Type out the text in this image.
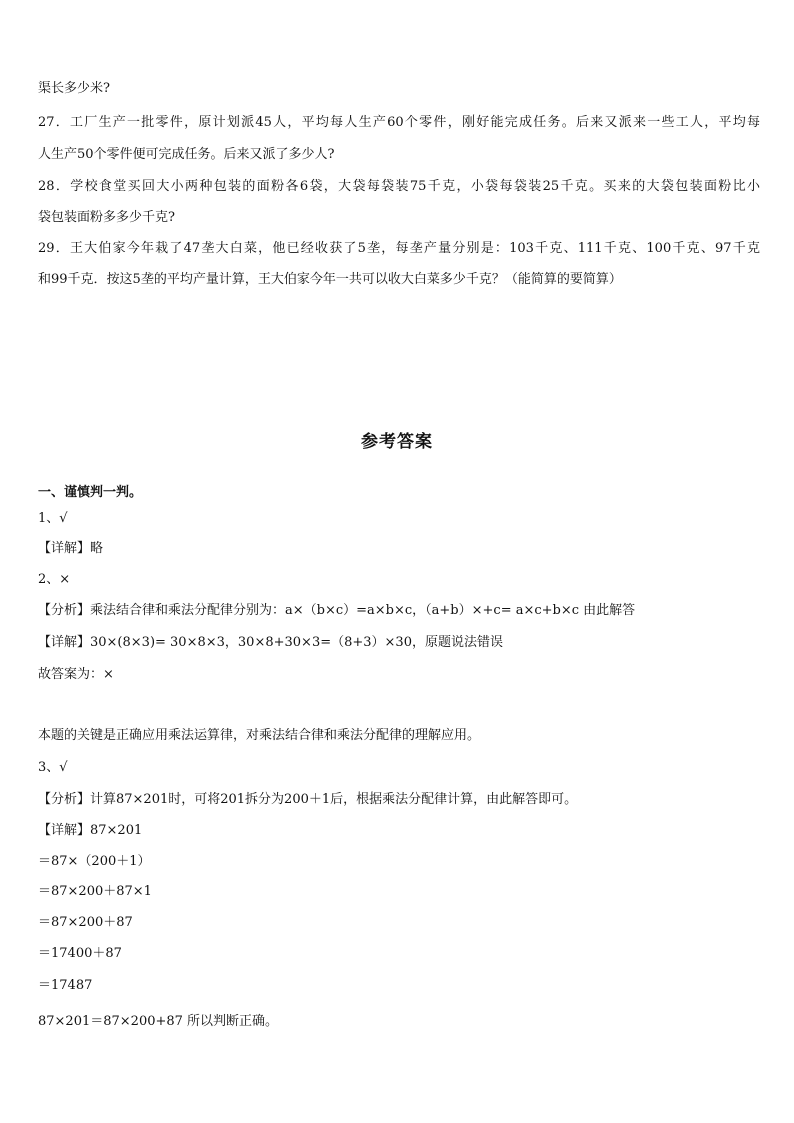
渠长多少米?
27．工厂生产一批零件，原计划派45人，平均每人生产60个零件，刚好能完成任务。后来又派来一些工人，平均每
人生产50个零件便可完成任务。后来又派了多少人?
28．学校食堂买回大小两种包装的面粉各6袋，大袋每袋装75千克，小袋每袋装25千克。买来的大袋包装面粉比小
袋包装面粉多多少千克?
29．王大伯家今年栽了47垄大白菜，他已经收获了5垄，每垄产量分别是：103千克、111千克、100千克、97千克
和99千克．按这5垄的平均产量计算，王大伯家今年一共可以收大白菜多少千克？（能简算的要简算）
参考答案
一、谨慎判一判。
1、√
【详解】略
2、×
【分析】乘法结合律和乘法分配律分别为：a×（b×c）=a×b×c，（a+b）×+c= a×c+b×c 由此解答
【详解】30×(8×3)= 30×8×3，30×8+30×3=（8+3）×30，原题说法错误
故答案为：×
本题的关键是正确应用乘法运算律，对乘法结合律和乘法分配律的理解应用。
3、√
【分析】计算87×201时，可将201拆分为200＋1后，根据乘法分配律计算，由此解答即可。
【详解】87×201
＝87×（200＋1）
＝87×200＋87×1
＝87×200＋87
＝17400＋87
＝17487
87×201＝87×200+87 所以判断正确。
